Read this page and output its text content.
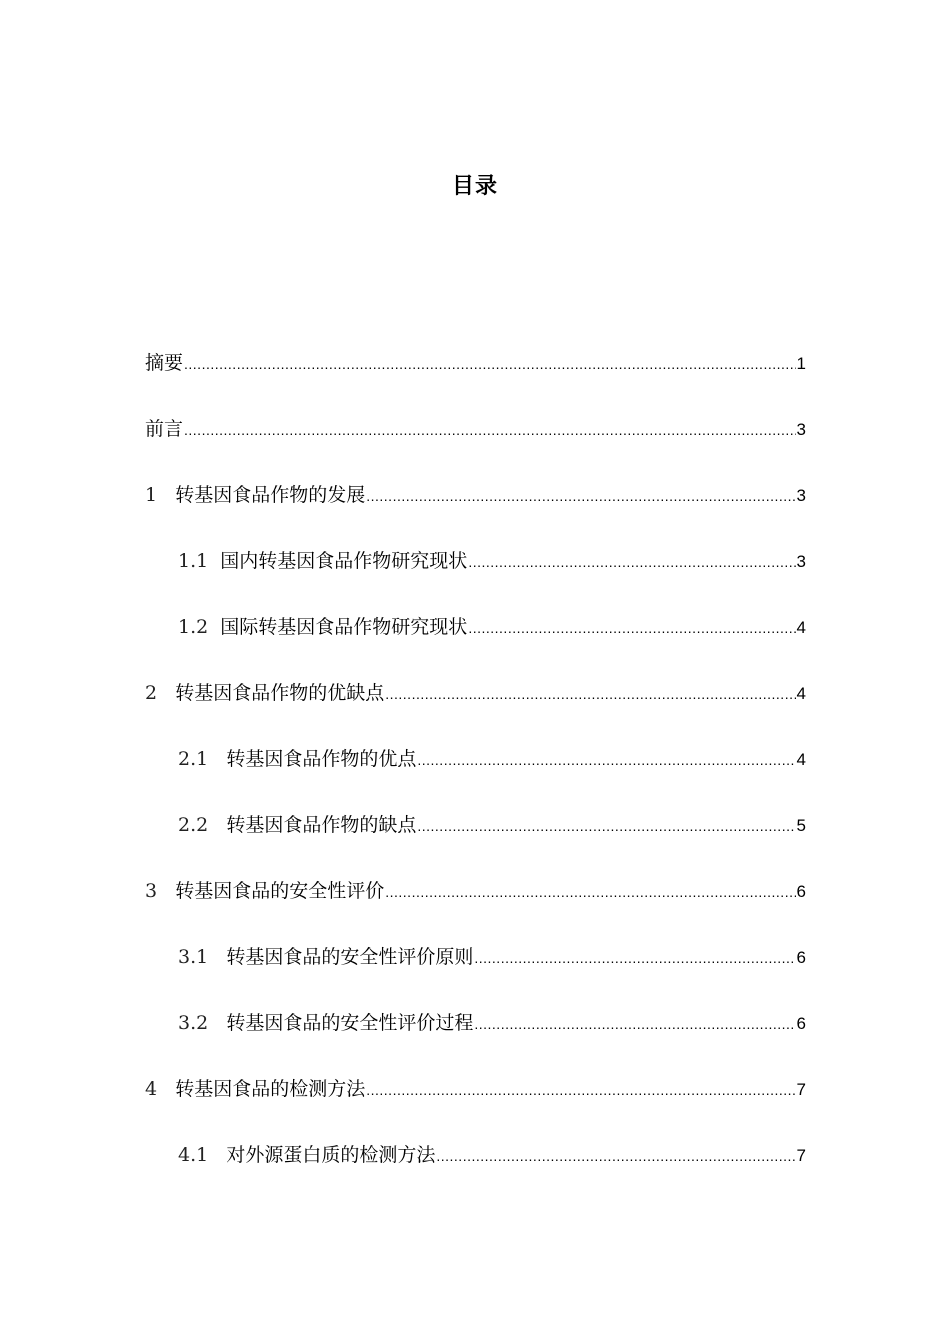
目录
摘要 .....	1
前言 .....	3
1 转基因食品作物的发展 .....	3
1.1 国内转基因食品作物研究现状 .....	3
1.2 国际转基因食品作物研究现状 .....	4
2 转基因食品作物的优缺点 .....	4
2.1 转基因食品作物的优点 .....	4
2.2 转基因食品作物的缺点 .....	5
3 转基因食品的安全性评价 .....	6
3.1 转基因食品的安全性评价原则 .....	6
3.2 转基因食品的安全性评价过程 .....	6
4 转基因食品的检测方法 .....	7
4.1 对外源蛋白质的检测方法 .....	7
